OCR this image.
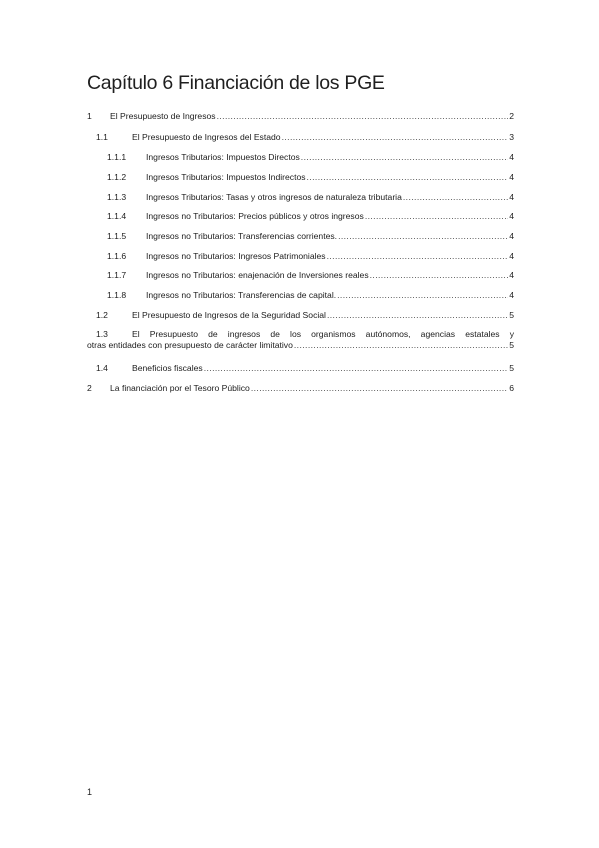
Capítulo 6 Financiación de los PGE
1	El Presupuesto de Ingresos .....	2
1.1	El Presupuesto de Ingresos del Estado .....	3
1.1.1	Ingresos Tributarios: Impuestos Directos .....	4
1.1.2	Ingresos Tributarios: Impuestos Indirectos .....	4
1.1.3	Ingresos Tributarios: Tasas y otros ingresos de naturaleza tributaria .....	4
1.1.4	Ingresos no Tributarios: Precios públicos y otros ingresos .....	4
1.1.5	Ingresos no Tributarios: Transferencias corrientes. .....	4
1.1.6	Ingresos no Tributarios: Ingresos Patrimoniales .....	4
1.1.7	Ingresos no Tributarios: enajenación de Inversiones reales .....	4
1.1.8	Ingresos no Tributarios: Transferencias de capital. .....	4
1.2	El Presupuesto de Ingresos de la Seguridad Social .....	5
1.3	El Presupuesto de ingresos de los organismos autónomos, agencias estatales y
otras entidades con presupuesto de carácter limitativo .....	5
1.4	Beneficios fiscales .....	5
2	La financiación por el Tesoro Público .....	6
1
